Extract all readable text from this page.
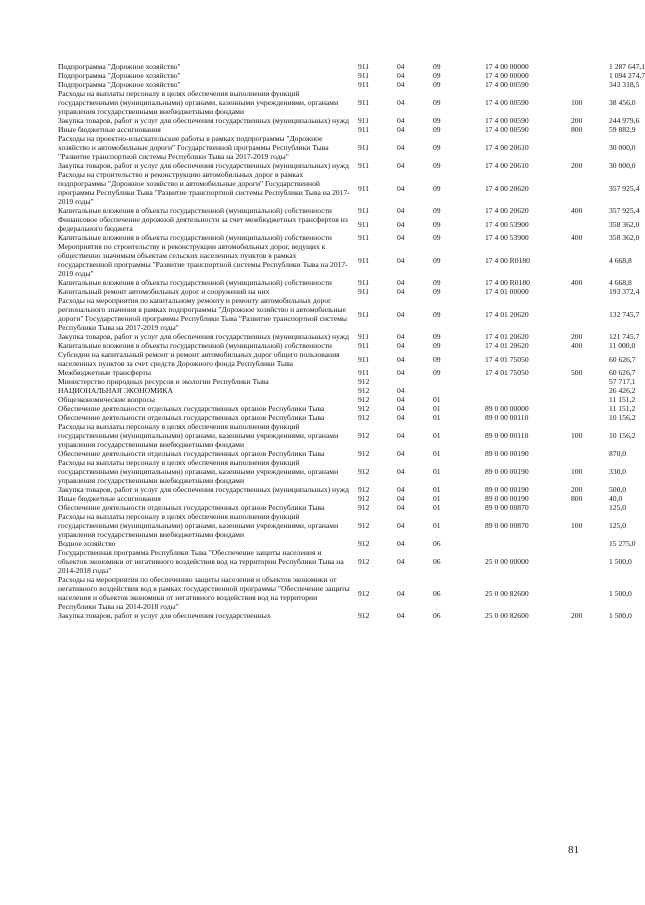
Подпрограмма "Дорожное хозяйство"	911	04	09	17 4 00 00000	1 287 647,1
Подпрограмма "Дорожное хозяйство"	911	04	09	17 4 00 00000	1 094 274,7
Подпрограмма "Дорожное хозяйство"	911	04	09	17 4 00 00590	343 318,5
Расходы на выплаты персоналу в целях обеспечения выполнения функций государственными (муниципальными) органами, казенными учреждениями, органами управления государственными внебюджетными фондами
911	04	09	17 4 00 00590	100	38 456,0
Закупка товаров, работ и услуг для обеспечения государственных (муниципальных) нужд	911	04	09	17 4 00 00590	200	244 979,6
Иные бюджетные ассигнования	911	04	09	17 4 00 00590	800	59 882,9
Расходы на проектно-изыскательские работы в рамках подпрограммы "Дорожное хозяйство и автомобильные дороги" Государственной программы Республики Тыва "Развитие транспортной системы Республики Тыва на 2017-2019 годы"
911	04	09	17 4 00 20610	30 000,0
Закупка товаров, работ и услуг для обеспечения государственных (муниципальных) нужд	911	04	09	17 4 00 20610	200	30 000,0
Расходы на строительство и реконструкцию автомобильных дорог в рамках подпрограммы "Дорожное хозяйство и автомобильные дороги" Государственной программы Республики Тыва "Развитие транспортной системы Республики Тыва на 2017-2019 годы"
911	04	09	17 4 00 20620	357 925,4
Капитальные вложения в объекты государственной (муниципальной) собственности	911	04	09	17 4 00 20620	400	357 925,4
Финансовое обеспечение дорожной деятельности за счет межбюджетных трансфертов из федерального бюджета	911	04	09	17 4 00 53900	358 362,0
Капитальные вложения в объекты государственной (муниципальной) собственности	911	04	09	17 4 00 53900	400	358 362,0
Мероприятия по строительству и реконструкции автомобильных дорог, ведущих к общественно значимым объектам сельских населенных пунктов в рамках государственной программы "Развитие транспортной системы Республики Тыва на 2017-2019 годы"
911	04	09	17 4 00 R0180	4 668,8
Капитальные вложения в объекты государственной (муниципальной) собственности	911	04	09	17 4 00 R0180	400	4 668,8
Капитальный ремонт автомобильных дорог и сооружений на них	911	04	09	17 4 01 00000	193 372,4
Расходы на мероприятия по капитальному ремонту и ремонту автомобильных дорог регионального значения в рамках подпрограммы "Дорожное хозяйство и автомобильные дороги" Государственной программы Республики Тыва "Развитие транспортной системы Республики Тыва на 2017-2019 годы"
911	04	09	17 4 01 20620	132 745,7
Закупка товаров, работ и услуг для обеспечения государственных (муниципальных) нужд	911	04	09	17 4 01 20620	200	121 745,7
Капитальные вложения в объекты государственной (муниципальной) собственности	911	04	09	17 4 01 20620	400	11 000,0
Субсидии на капитальный ремонт и ремонт автомобильных дорог общего пользования населенных пунктов за счет средств Дорожного фонда Республики Тыва	911	04	09	17 4 01 75050	60 626,7
Межбюджетные трансферты	911	04	09	17 4 01 75050	500	60 626,7
Министерство природных ресурсов и экологии Республики Тыва	912	57 717,1
НАЦИОНАЛЬНАЯ ЭКОНОМИКА	912	04	26 426,2
Общеэкономические вопросы	912	04	01	11 151,2
Обеспечение деятельности отдельных государственных органов Республики Тыва	912	04	01	89 0 00 00000	11 151,2
Обеспечение деятельности отдельных государственных органов Республики Тыва	912	04	01	89 0 00 00110	10 156,2
Расходы на выплаты персоналу в целях обеспечения выполнения функций государственными (муниципальными) органами, казенными учреждениями, органами управления государственными внебюджетными фондами
912	04	01	89 0 00 00110	100	10 156,2
Обеспечение деятельности отдельных государственных органов Республики Тыва	912	04	01	89 0 00 00190	870,0
Расходы на выплаты персоналу в целях обеспечения выполнения функций государственными (муниципальными) органами, казенными учреждениями, органами управления государственными внебюджетными фондами
912	04	01	89 0 00 00190	100	330,0
Закупка товаров, работ и услуг для обеспечения государственных (муниципальных) нужд	912	04	01	89 0 00 00190	200	500,0
Иные бюджетные ассигнования	912	04	01	89 0 00 00190	800	40,0
Обеспечение деятельности отдельных государственных органов Республики Тыва	912	04	01	89 0 00 00870	125,0
Расходы на выплаты персоналу в целях обеспечения выполнения функций государственными (муниципальными) органами, казенными учреждениями, органами управления государственными внебюджетными фондами
912	04	01	89 0 00 00870	100	125,0
Водное хозяйство	912	04	06	15 275,0
Государственная программа Республики Тыва "Обеспечение защиты населения и объектов экономики от негативного воздействия вод на территории Республики Тыва на 2014-2018 годы"
912	04	06	25 0 00 00000	1 500,0
Расходы на мероприятия по обеспечению защиты населения и объектов экономики от негативного воздействия вод в рамках государственной программы "Обеспечение защиты населения и объектов экономики от негативного воздействия вод на территории Республики Тыва на 2014-2018 годы"
912	04	06	25 0 00 82600	1 500,0
Закупка товаров, работ и услуг для обеспечения государственных	912	04	06	25 0 00 82600	200	1 500,0
81
